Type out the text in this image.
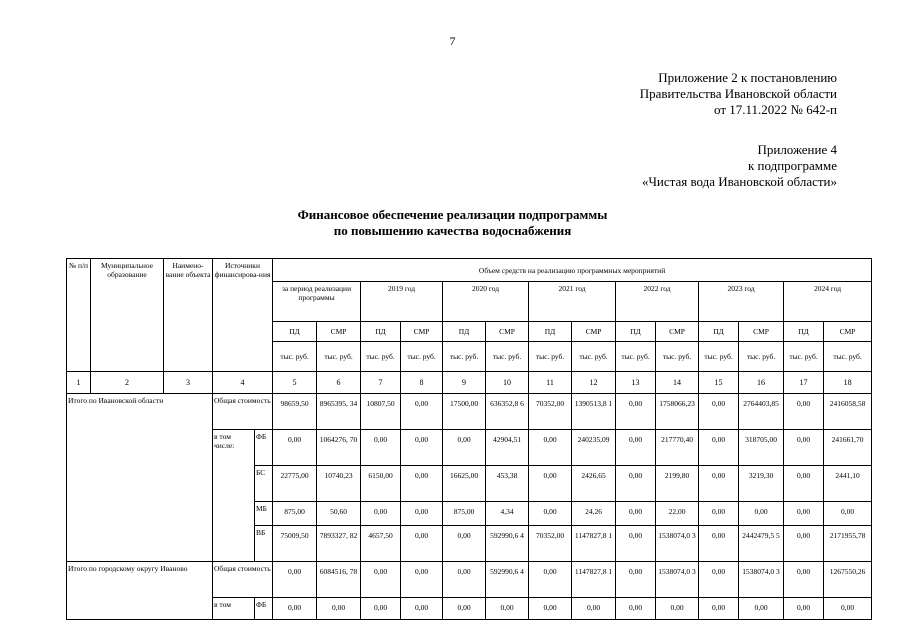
7
Приложение 2 к постановлению
Правительства Ивановской области
от 17.11.2022 № 642-п
Приложение 4
к подпрограмме
«Чистая вода Ивановской области»
Финансовое обеспечение реализации подпрограммы
по повышению качества водоснабжения
№ п/п	Муниципальное образование	Наимено-вание объекта	Источники финансирова-ния		Объем средств на реализацию программных мероприятий													
					за период реализации программы		2019 год		2020 год		2021 год		2022 год		2023 год		2024 год	
					ПД	СМР	ПД	СМР	ПД	СМР	ПД	СМР	ПД	СМР	ПД	СМР	ПД	СМР
					тыс. руб.	тыс. руб.	тыс. руб.	тыс. руб.	тыс. руб.	тыс. руб.	тыс. руб.	тыс. руб.	тыс. руб.	тыс. руб.	тыс. руб.	тыс. руб.	тыс. руб.	тыс. руб.
1	2	3	4		5	6	7	8	9	10	11	12	13	14	15	16	17	18
Итого по Ивановской области			Общая стоимость		98659,50	8965395, 34	10807,50	0,00	17500,00	636352,8 6	70352,00	1390513,8 1	0,00	1758066,23	0,00	2764403,85	0,00	2416058,58
			в том числе:	ФБ	0,00	1064276, 70	0,00	0,00	0,00	42904,51	0,00	240235,09	0,00	217770,40	0,00	318705,00	0,00	241661,70
				БС	22775,00	10740,23	6150,00	0,00	16625,00	453,38	0,00	2426,65	0,00	2199,80	0,00	3219,30	0,00	2441,10
				МБ	875,00	50,60	0,00	0,00	875,00	4,34	0,00	24,26	0,00	22,00	0,00	0,00	0,00	0,00
				ВБ	75009,50	7893327, 82	4657,50	0,00	0,00	592990,6 4	70352,00	1147827,8 1	0,00	1538074,0 3	0,00	2442479,5 5	0,00	2171955,78
Итого по городскому округу Иваново			Общая стоимость		0,00	6084516, 78	0,00	0,00	0,00	592990,6 4	0,00	1147827,8 1	0,00	1538074,0 3	0,00	1538074,0 3	0,00	1267550,26
			в том	ФБ	0,00	0,00	0,00	0,00	0,00	0,00	0,00	0,00	0,00	0,00	0,00	0,00	0,00	0,00
